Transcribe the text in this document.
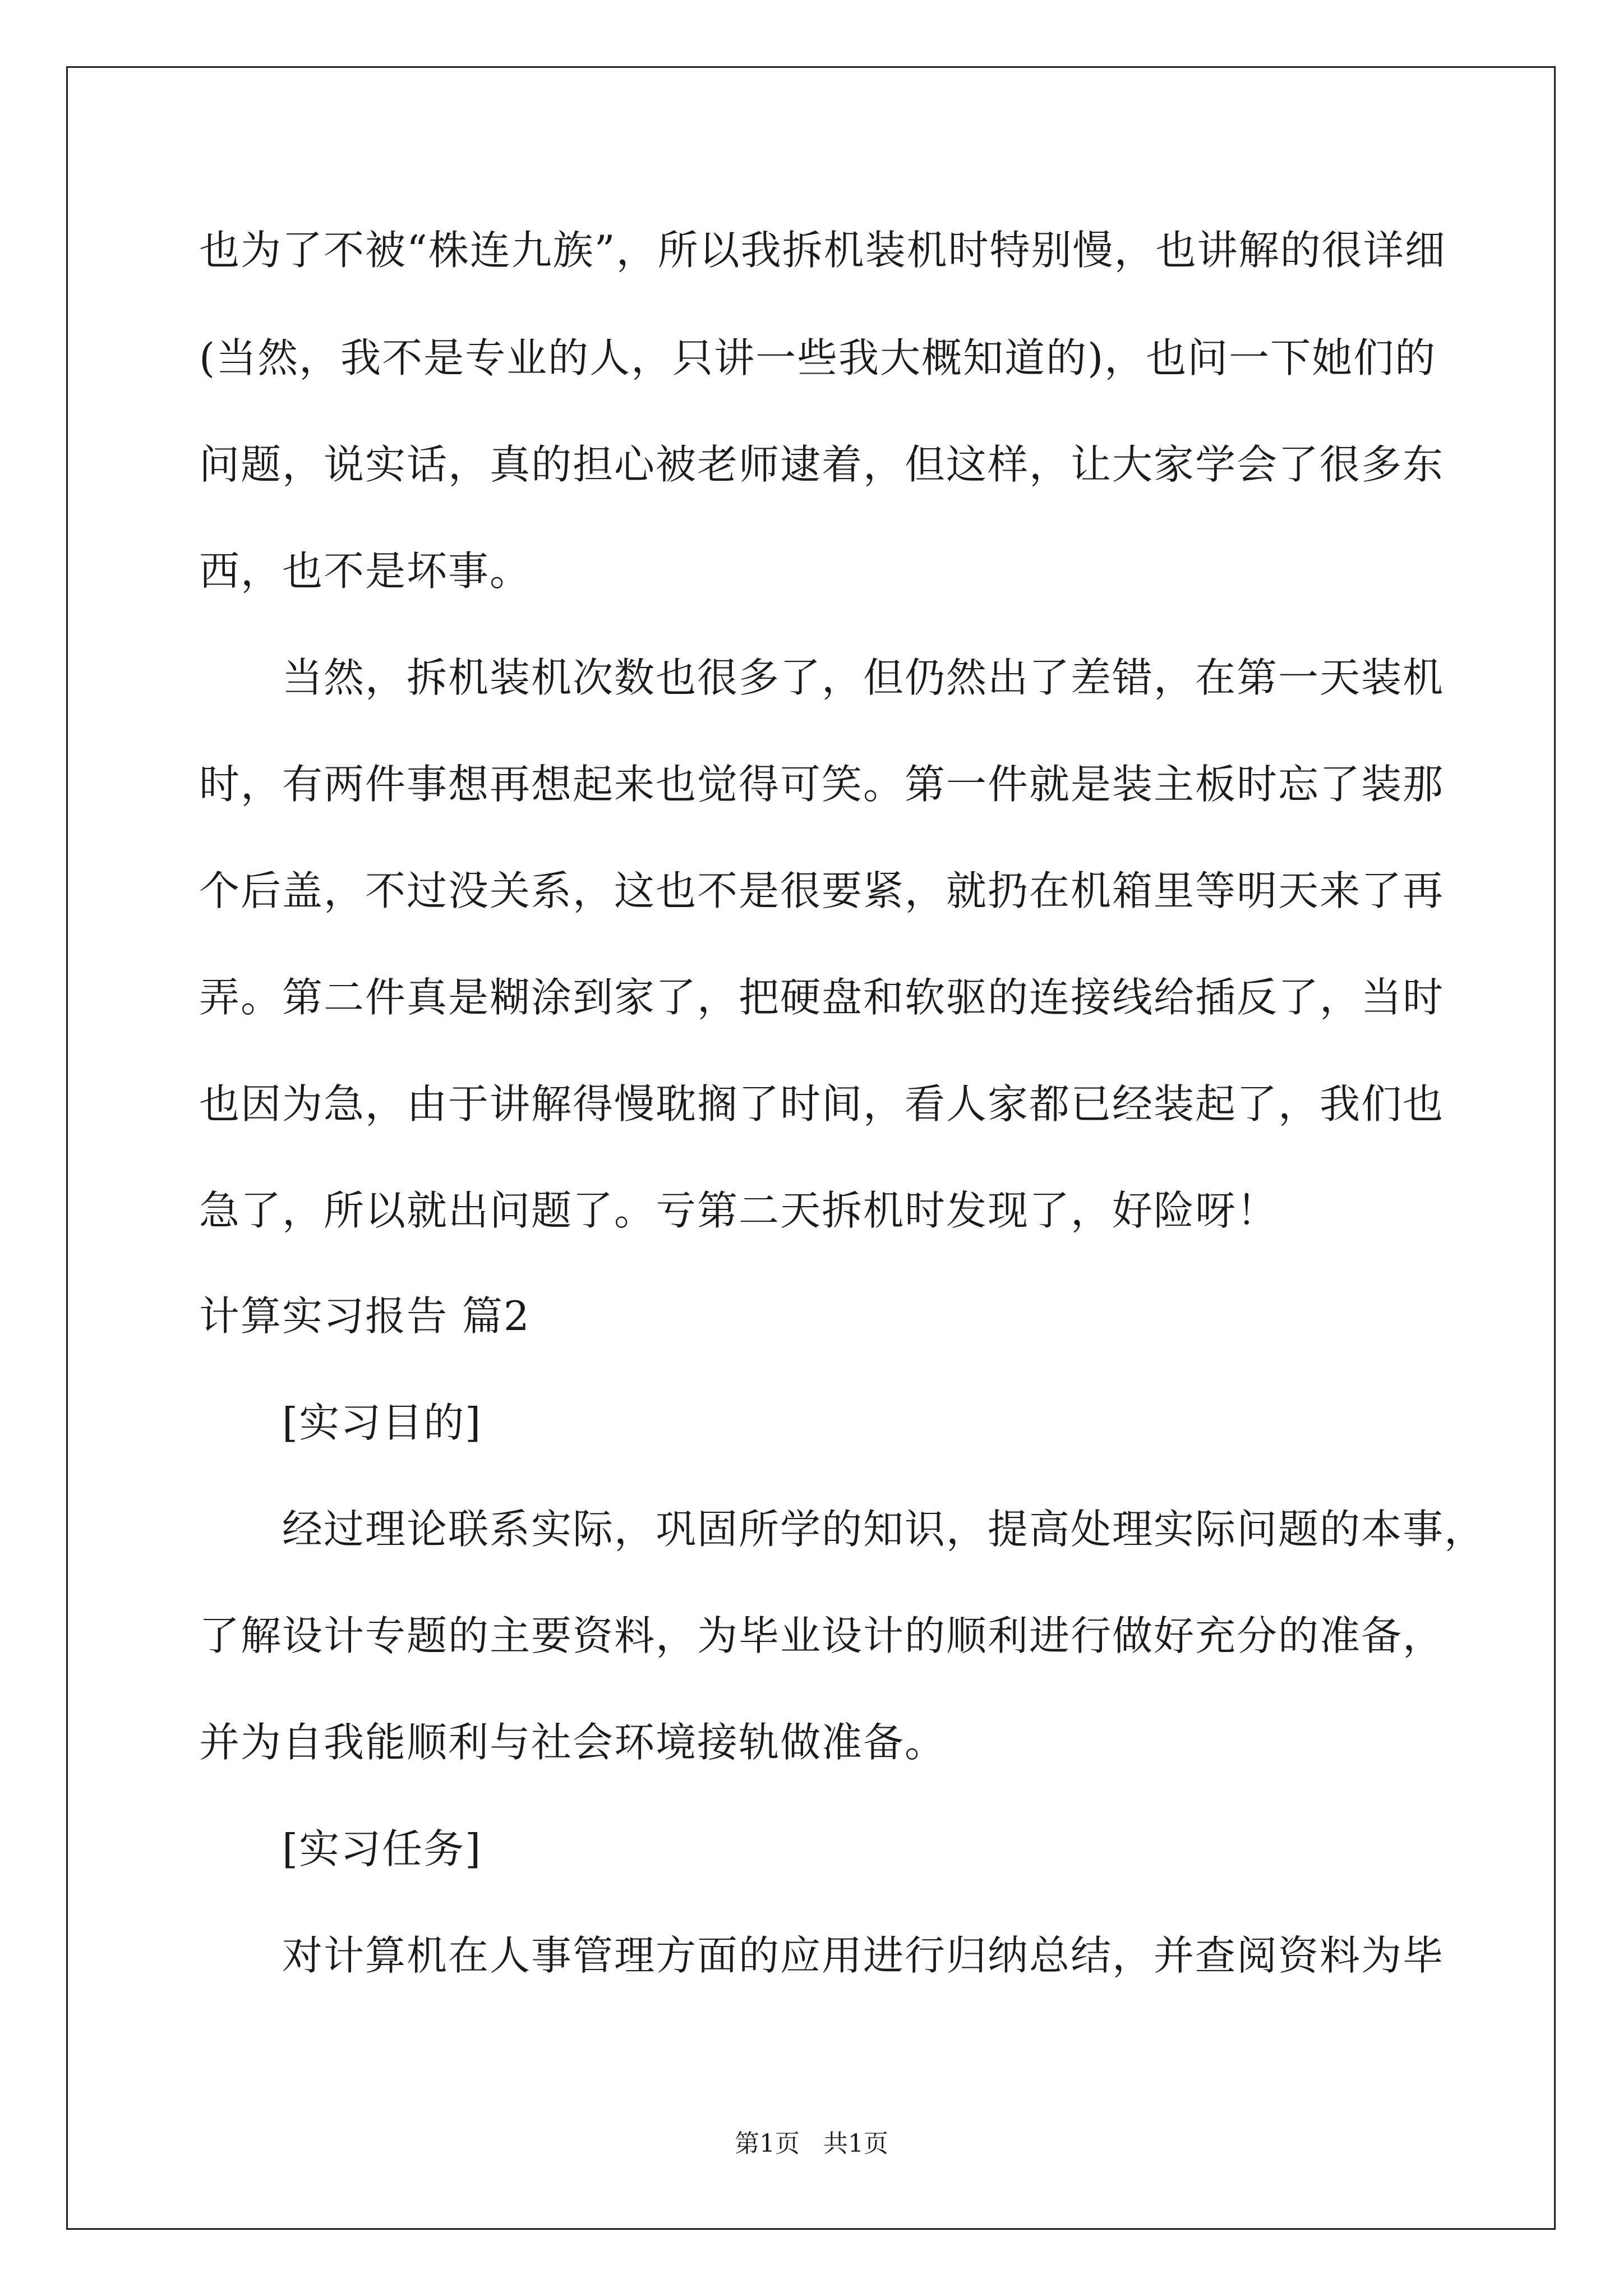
也为了不被“株连九族”，所以我拆机装机时特别慢，也讲解的很详细
(当然，我不是专业的人，只讲一些我大概知道的)，也问一下她们的
问题，说实话，真的担心被老师逮着，但这样，让大家学会了很多东
西，也不是坏事。
当然，拆机装机次数也很多了，但仍然出了差错，在第一天装机
时，有两件事想再想起来也觉得可笑。第一件就是装主板时忘了装那
个后盖，不过没关系，这也不是很要紧，就扔在机箱里等明天来了再
弄。第二件真是糊涂到家了，把硬盘和软驱的连接线给插反了，当时
也因为急，由于讲解得慢耽搁了时间，看人家都已经装起了，我们也
急了，所以就出问题了。亏第二天拆机时发现了，好险呀！
计算实习报告 篇2
[实习目的]
经过理论联系实际，巩固所学的知识，提高处理实际问题的本事，
了解设计专题的主要资料，为毕业设计的顺利进行做好充分的准备，
并为自我能顺利与社会环境接轨做准备。
[实习任务]
对计算机在人事管理方面的应用进行归纳总结，并查阅资料为毕
第1页   共1页
